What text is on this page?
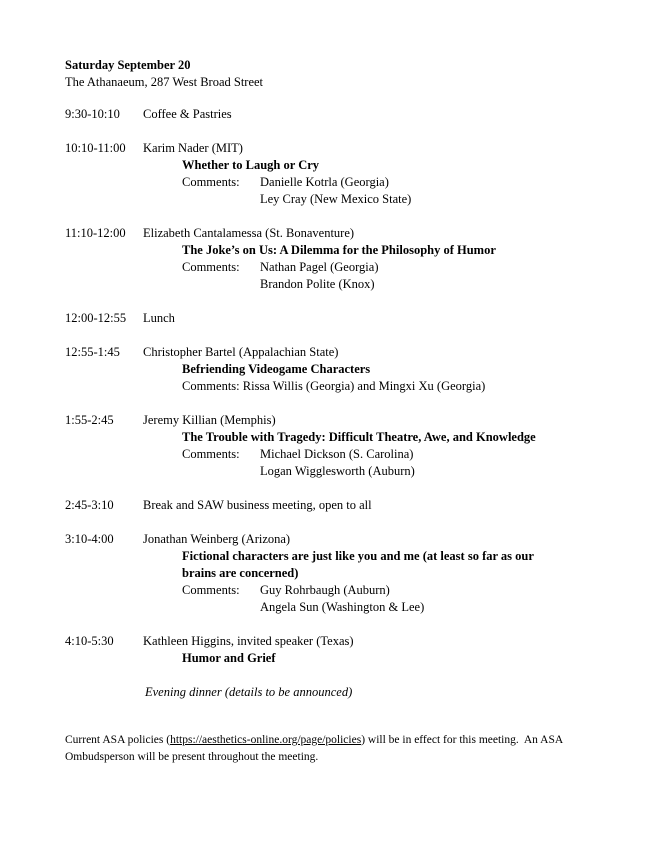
Saturday September 20
The Athanaeum, 287 West Broad Street
9:30-10:10	Coffee & Pastries
10:10-11:00	Karim Nader (MIT)
Whether to Laugh or Cry
Comments:	Danielle Kotrla (Georgia)
Ley Cray (New Mexico State)
11:10-12:00	Elizabeth Cantalamessa (St. Bonaventure)
The Joke’s on Us: A Dilemma for the Philosophy of Humor
Comments:	Nathan Pagel (Georgia)
Brandon Polite (Knox)
12:00-12:55	Lunch
12:55-1:45	Christopher Bartel (Appalachian State)
Befriending Videogame Characters
Comments: Rissa Willis (Georgia) and Mingxi Xu (Georgia)
1:55-2:45	Jeremy Killian (Memphis)
The Trouble with Tragedy: Difficult Theatre, Awe, and Knowledge
Comments:	Michael Dickson (S. Carolina)
Logan Wigglesworth (Auburn)
2:45-3:10	Break and SAW business meeting, open to all
3:10-4:00	Jonathan Weinberg (Arizona)
Fictional characters are just like you and me (at least so far as our
brains are concerned)
Comments:	Guy Rohrbaugh (Auburn)
Angela Sun (Washington & Lee)
4:10-5:30	Kathleen Higgins, invited speaker (Texas)
Humor and Grief
Evening dinner (details to be announced)
Current ASA policies (https://aesthetics-online.org/page/policies) will be in effect for this meeting.  An ASA
Ombudsperson will be present throughout the meeting.
